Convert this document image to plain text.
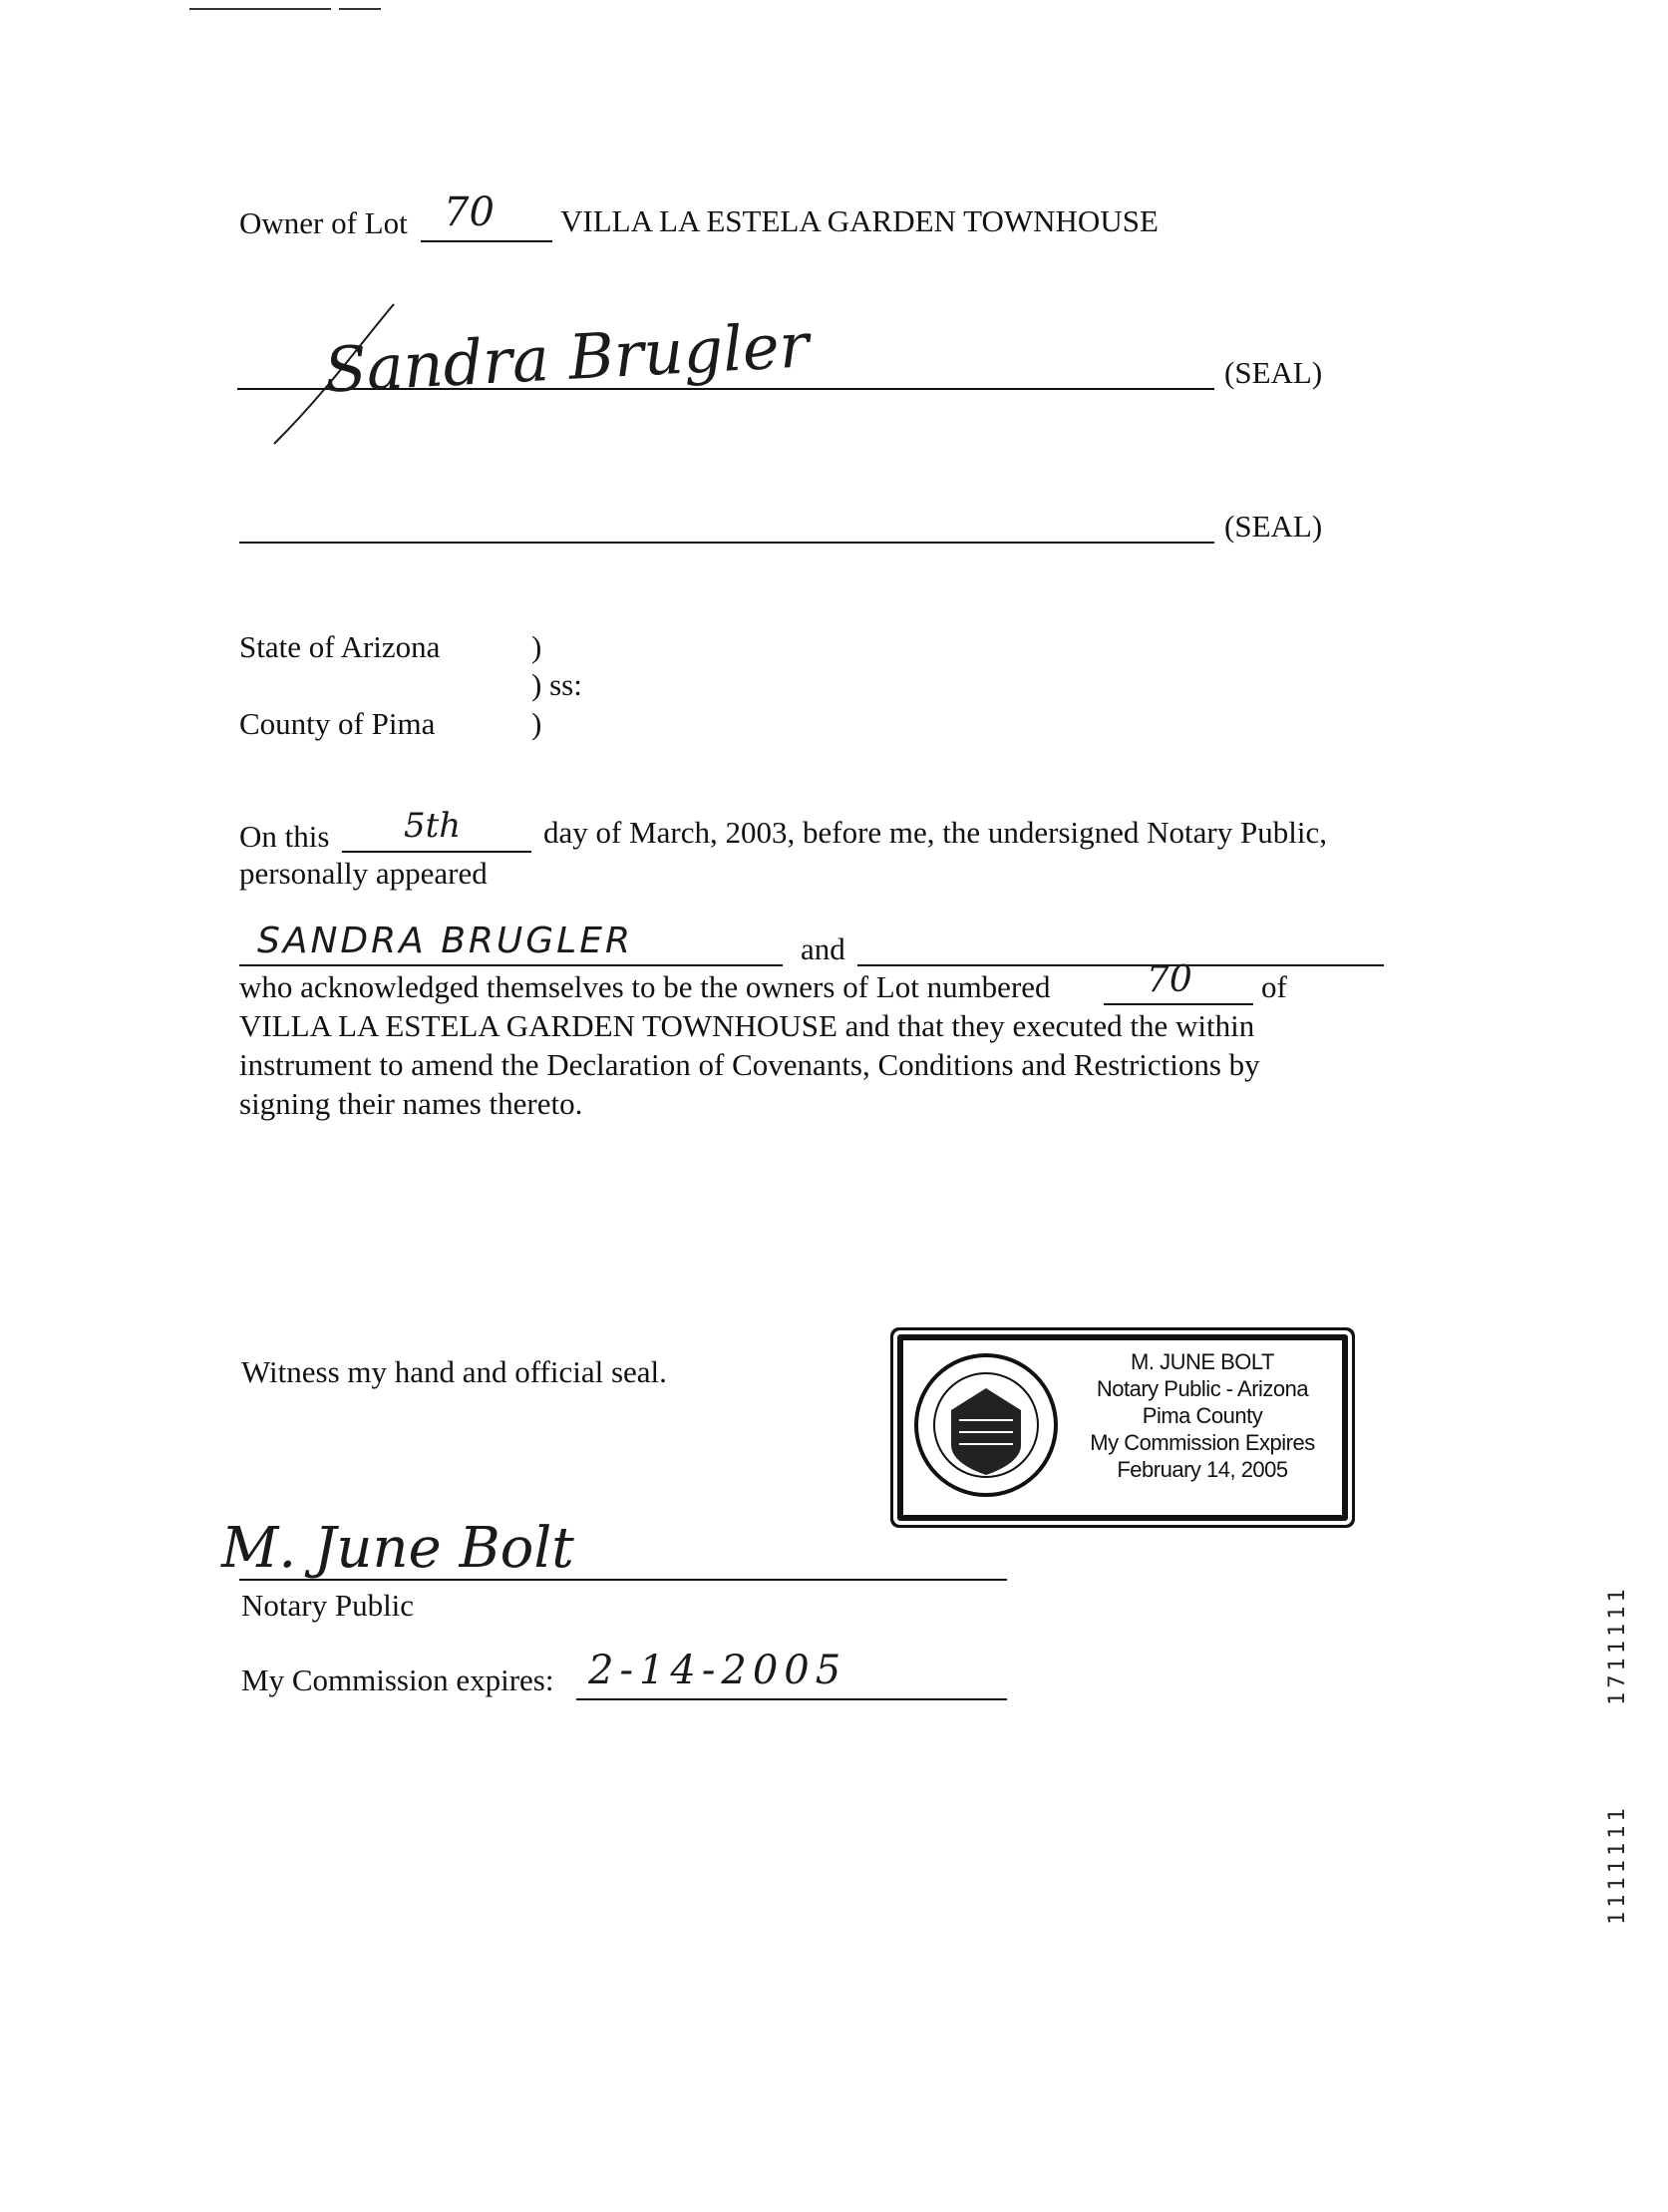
Owner of Lot 70 VILLA LA ESTELA GARDEN TOWNHOUSE
Sandra Brugler	(SEAL)
(SEAL)
State of Arizona	)
) ss:
County of Pima	)
On this 5th	day of March, 2003, before me, the undersigned Notary Public,
personally appeared
SANDRA BRUGLER	and
who acknowledged themselves to be the owners of Lot numbered	70 of
VILLA LA ESTELA GARDEN TOWNHOUSE and that they executed the within
instrument to amend the Declaration of Covenants, Conditions and Restrictions by
signing their names thereto.
Witness my hand and official seal.	M. JUNE BOLT
Notary Public - Arizona
Pima County
My Commission Expires
February 14, 2005
M. June Bolt
Notary Public
My Commission expires: 2-14-2005	1711111
1111111
